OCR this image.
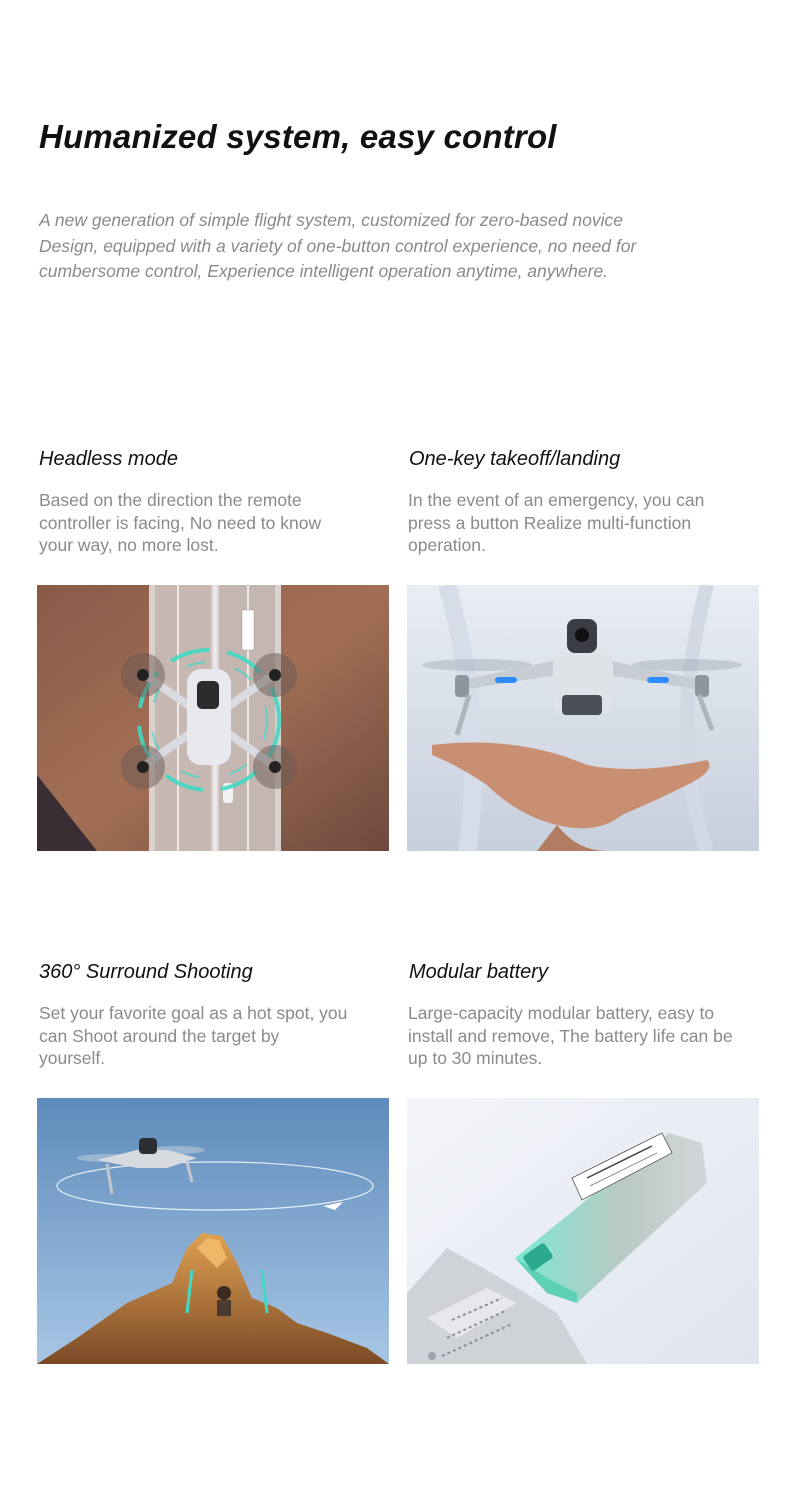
Humanized system, easy control

A new generation of simple flight system, customized for zero-based novice Design, equipped with a variety of one-button control experience, no need for cumbersome control, Experience intelligent operation anytime, anywhere.

Headless mode

Based on the direction the remote controller is facing, No need to know your way, no more lost.

One-key takeoff/landing

In the event of an emergency, you can press a button Realize multi-function operation.

360° Surround Shooting

Set your favorite goal as a hot spot, you can Shoot around the target by yourself.

Modular battery

Large-capacity modular battery, easy to install and remove, The battery life can be up to 30 minutes.
